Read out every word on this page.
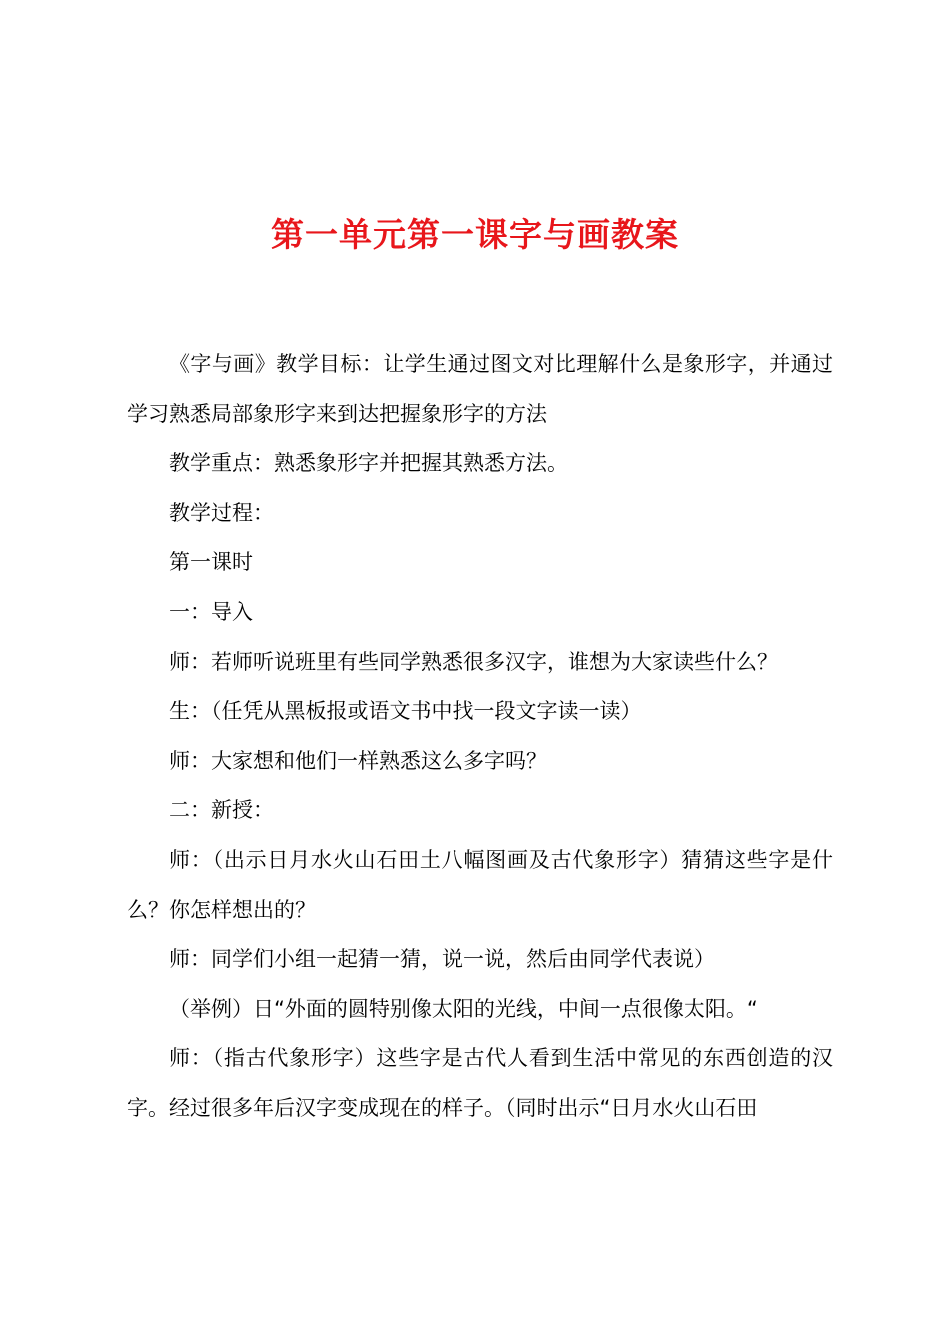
第一单元第一课字与画教案

《字与画》教学目标：让学生通过图文对比理解什么是象形字，并通过学习熟悉局部象形字来到达把握象形字的方法

教学重点：熟悉象形字并把握其熟悉方法。

教学过程：

第一课时

一：导入

师：若师听说班里有些同学熟悉很多汉字，谁想为大家读些什么？

生：（任凭从黑板报或语文书中找一段文字读一读）

师：大家想和他们一样熟悉这么多字吗？

二：新授：

师：（出示日月水火山石田土八幅图画及古代象形字）猜猜这些字是什么？你怎样想出的？

师：同学们小组一起猜一猜，说一说，然后由同学代表说）

（举例）日“外面的圆特别像太阳的光线，中间一点很像太阳。“

师：（指古代象形字）这些字是古代人看到生活中常见的东西创造的汉字。经过很多年后汉字变成现在的样子。（同时出示“日月水火山石田
